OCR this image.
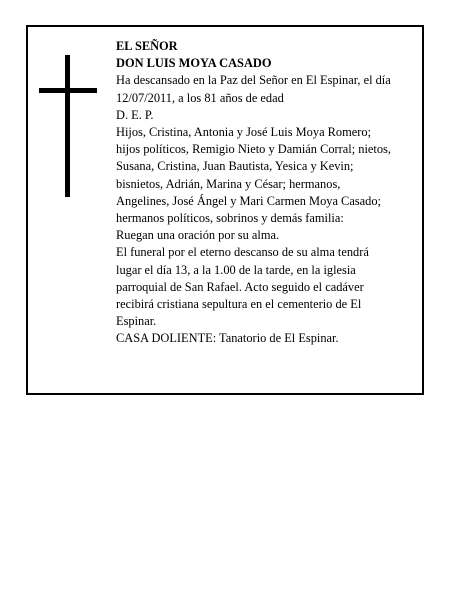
EL SEÑOR
DON LUIS MOYA CASADO
Ha descansado en la Paz del Señor en El Espinar, el día
12/07/2011, a los 81 años de edad
D. E. P.
Hijos, Cristina, Antonia y José Luis Moya Romero;
hijos políticos, Remigio Nieto y Damián Corral; nietos,
Susana, Cristina, Juan Bautista, Yesica y Kevin;
bisnietos, Adrián, Marina y César; hermanos,
Angelines, José Ángel y Mari Carmen Moya Casado;
hermanos políticos, sobrinos y demás familia:
Ruegan una oración por su alma.
El funeral por el eterno descanso de su alma tendrá
lugar el día 13, a la 1.00 de la tarde, en la iglesia
parroquial de San Rafael. Acto seguido el cadáver
recibirá cristiana sepultura en el cementerio de El
Espinar.
CASA DOLIENTE: Tanatorio de El Espinar.
